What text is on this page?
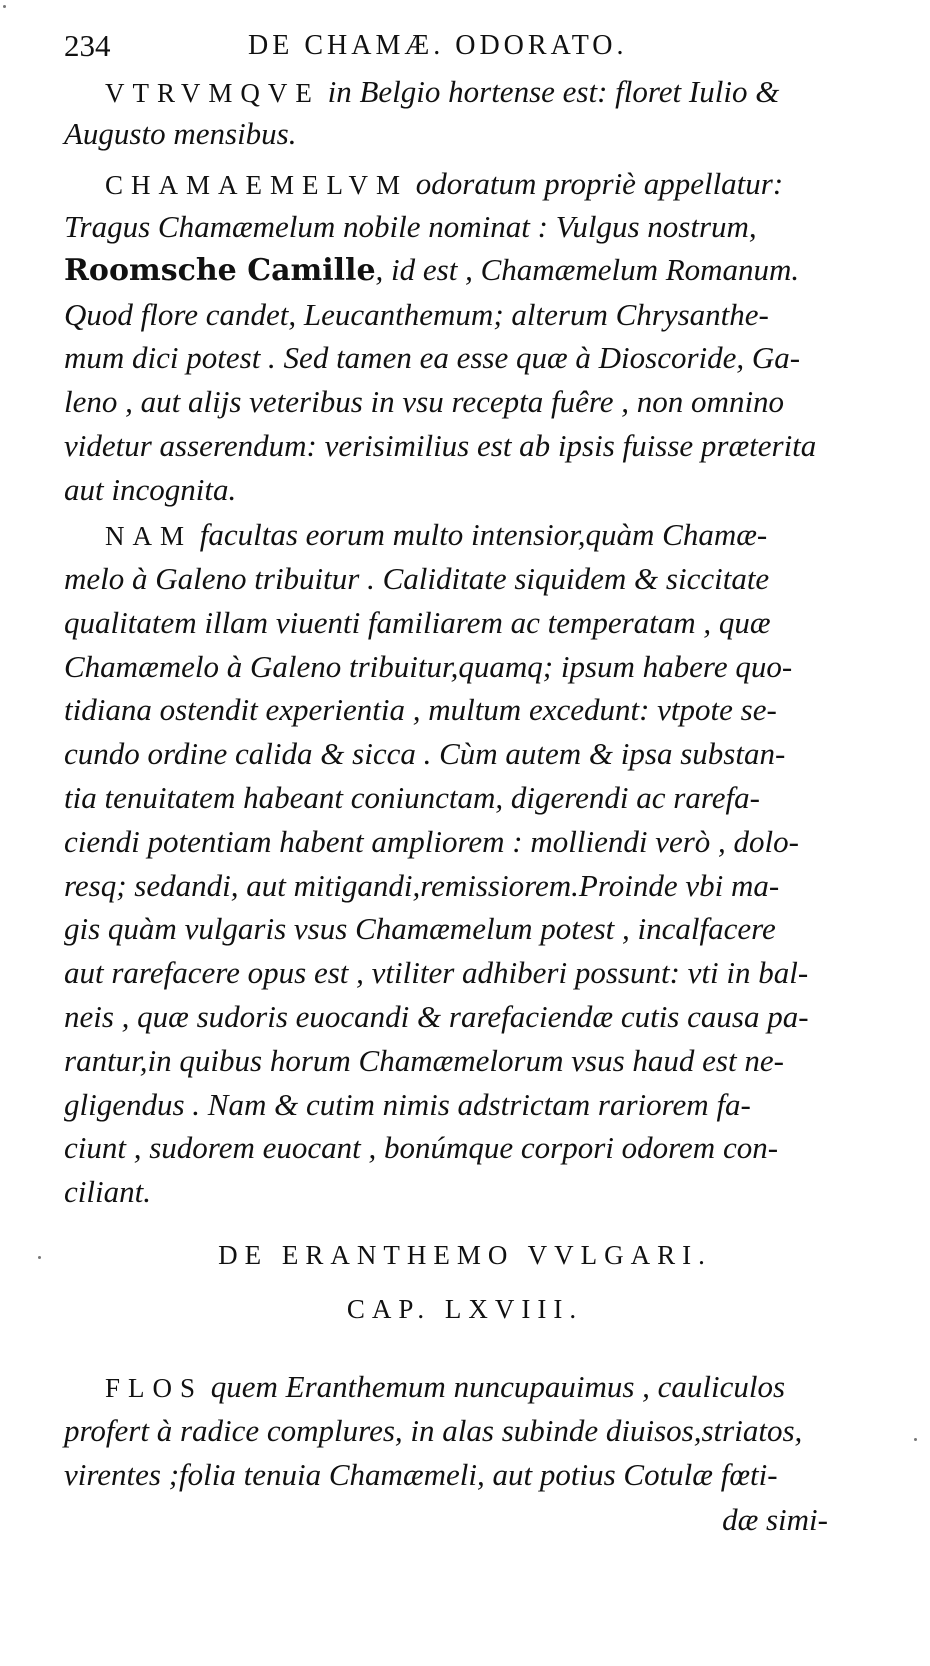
234	DE CHAMÆ. ODORATO.
VTRVMQVE in Belgio hortense est: floret Iulio &
Augusto mensibus.
CHAMAEMELVM odoratum propriè appellatur:
Tragus Chamæmelum nobile nominat : Vulgus nostrum,
Roomsche Camille, id est , Chamæmelum Romanum.
Quod flore candet, Leucanthemum; alterum Chrysanthe-
mum dici potest . Sed tamen ea esse quæ à Dioscoride, Ga-
leno , aut alijs veteribus in vsu recepta fuêre , non omnino
videtur asserendum: verisimilius est ab ipsis fuisse præterita
aut incognita.
NAM facultas eorum multo intensior,quàm Chamæ-
melo à Galeno tribuitur . Caliditate siquidem & siccitate
qualitatem illam viuenti familiarem ac temperatam , quæ
Chamæmelo à Galeno tribuitur,quamq; ipsum habere quo-
tidiana ostendit experientia , multum excedunt: vtpote se-
cundo ordine calida & sicca . Cùm autem & ipsa substan-
tia tenuitatem habeant coniunctam, digerendi ac rarefa-
ciendi potentiam habent ampliorem : molliendi verò , dolo-
resq; sedandi, aut mitigandi,remissiorem.Proinde vbi ma-
gis quàm vulgaris vsus Chamæmelum potest , incalfacere
aut rarefacere opus est , vtiliter adhiberi possunt: vti in bal-
neis , quæ sudoris euocandi & rarefaciendæ cutis causa pa-
rantur,in quibus horum Chamæmelorum vsus haud est ne-
gligendus . Nam & cutim nimis adstrictam rariorem fa-
ciunt , sudorem euocant , bonúmque corpori odorem con-
ciliant.
DE ERANTHEMO VVLGARI.
CAP. LXVIII.
FLOS quem Eranthemum nuncupauimus , cauliculos
profert à radice complures, in alas subinde diuisos,striatos,
virentes ;folia tenuia Chamæmeli, aut potius Cotulæ fœti-
dæ simi-
